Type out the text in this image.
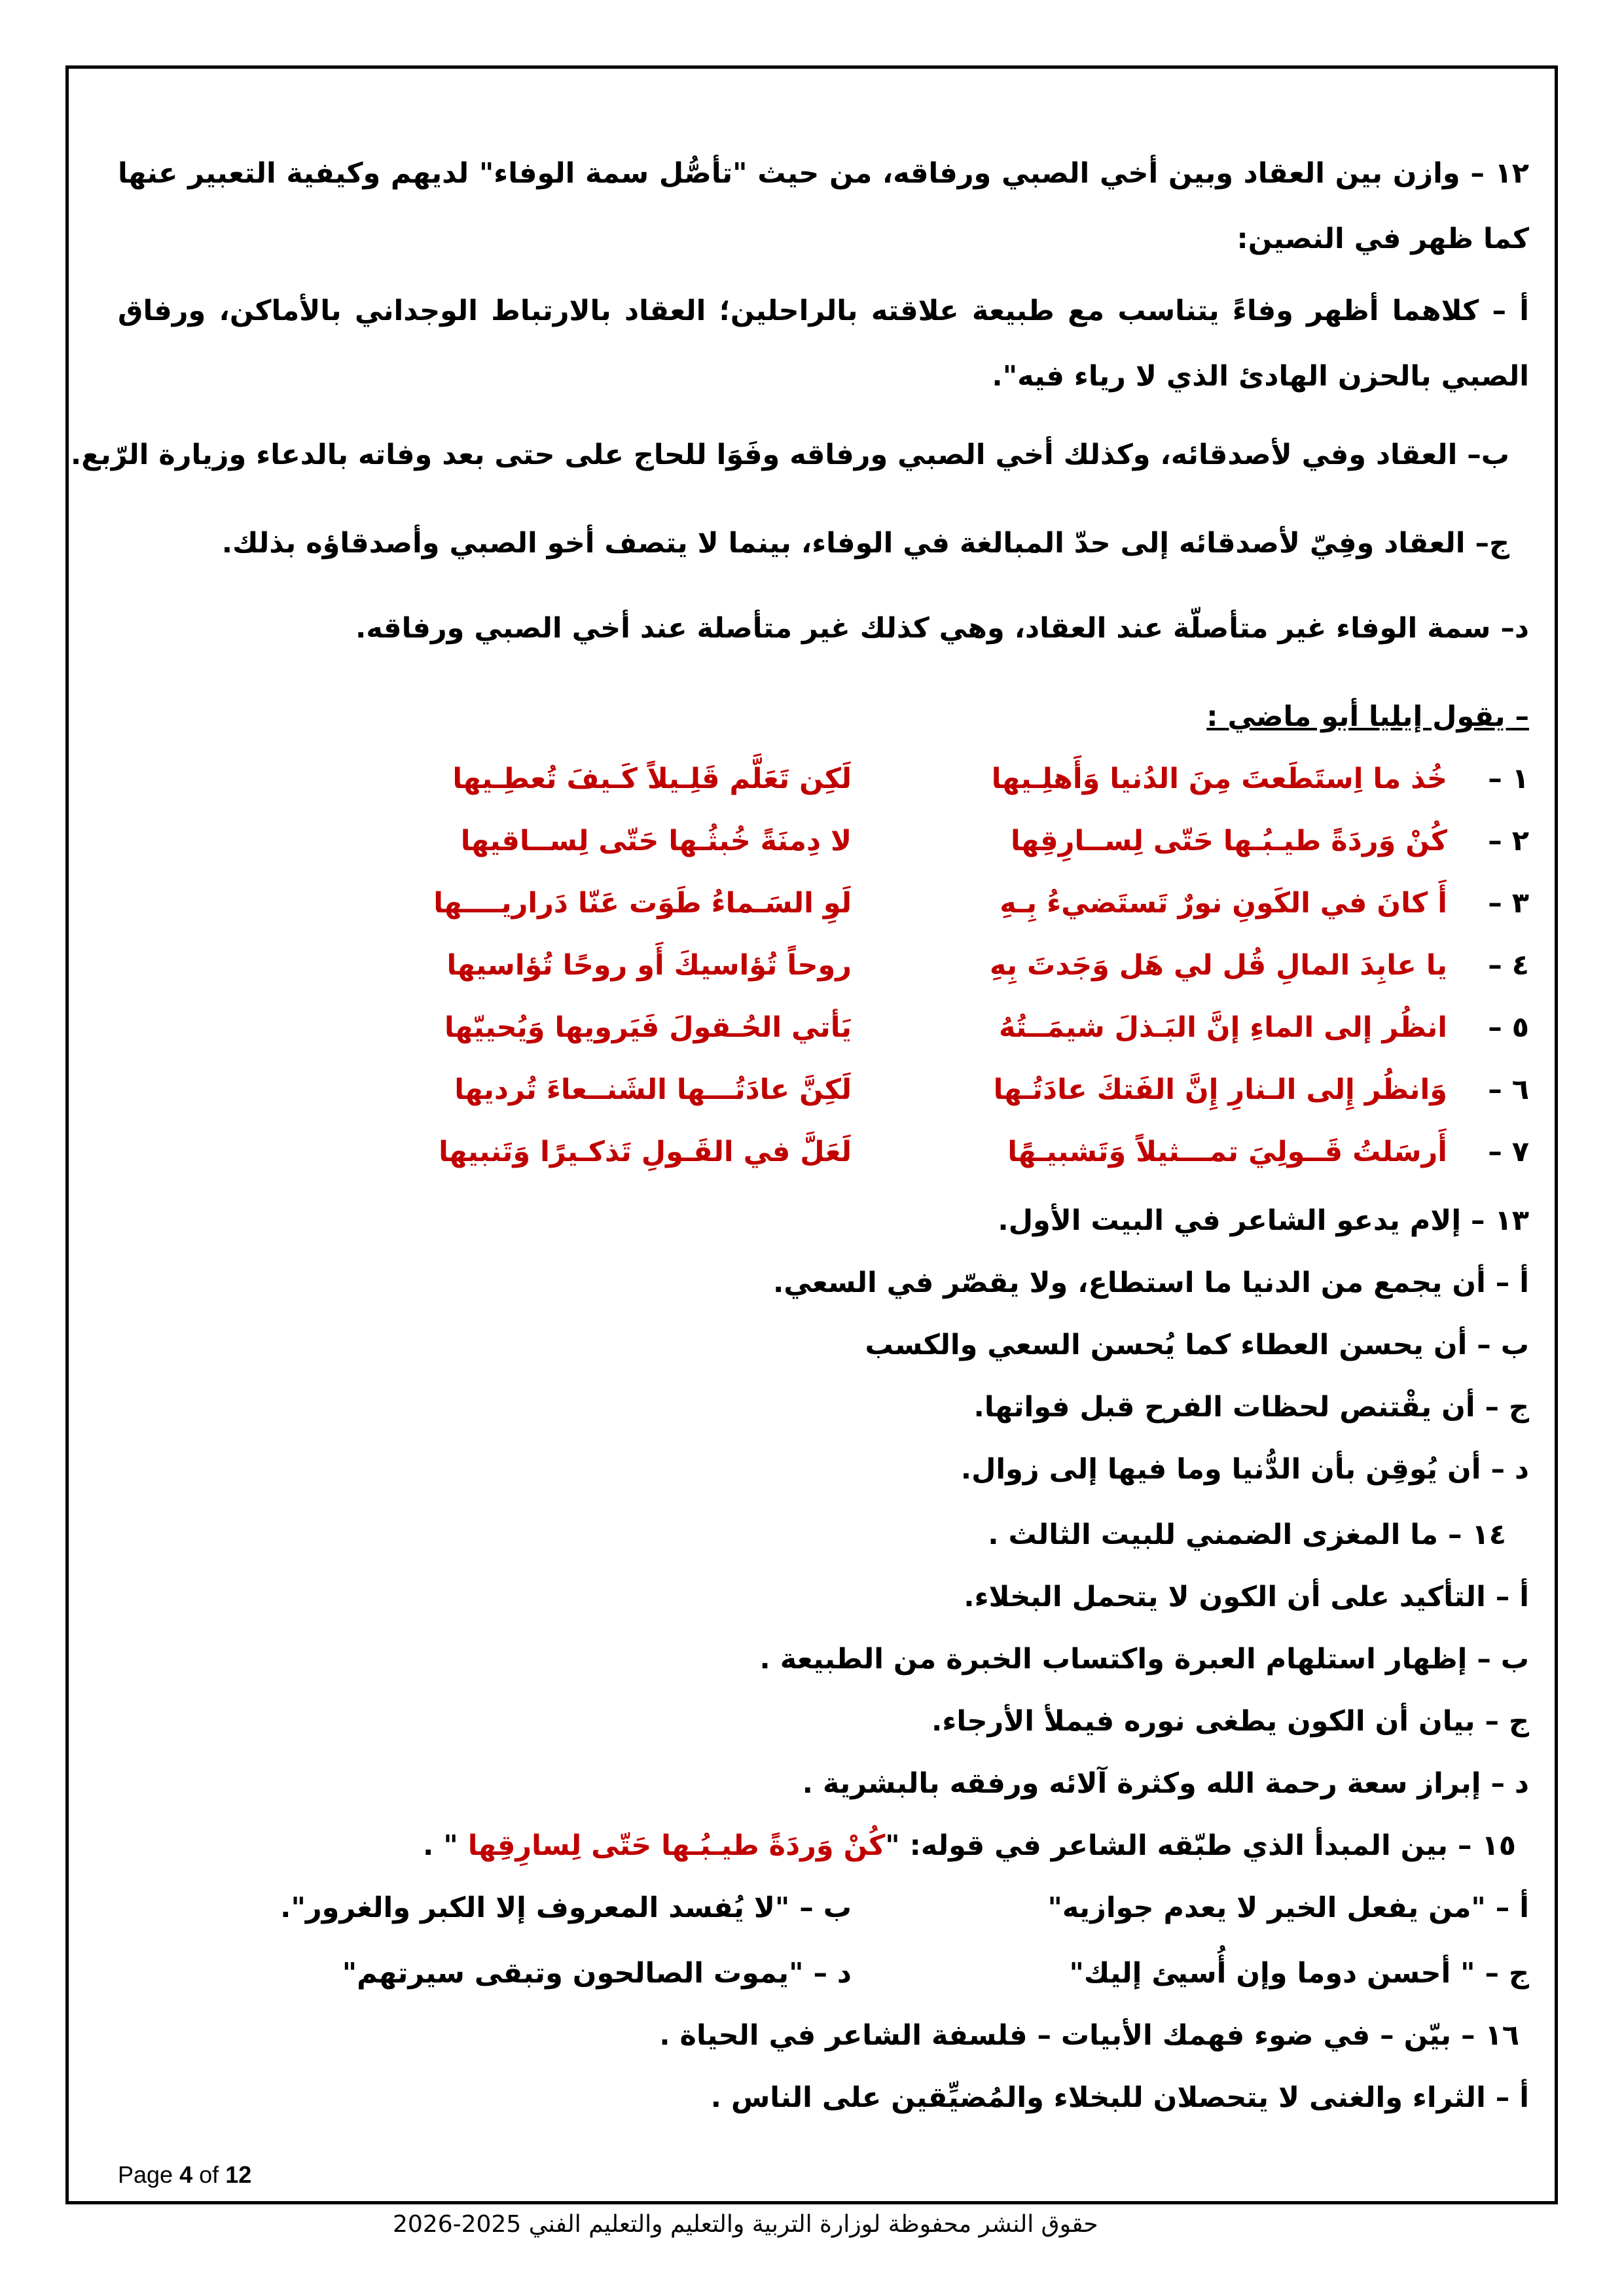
١٢ – وازن بين العقاد وبين أخي الصبي ورفاقه، من حيث "تأصُّل سمة الوفاء" لديهم وكيفية التعبير عنها كما ظهر في النصين:
أ – كلاهما أظهر وفاءً يتناسب مع طبيعة علاقته بالراحلين؛ العقاد بالارتباط الوجداني بالأماكن، ورفاق الصبي بالحزن الهادئ الذي لا رياء فيه".
ب– العقاد وفي لأصدقائه، وكذلك أخي الصبي ورفاقه وفَوَا للحاج على حتى بعد وفاته بالدعاء وزيارة الرّبع.
ج– العقاد وفِيّ لأصدقائه إلى حدّ المبالغة في الوفاء، بينما لا يتصف أخو الصبي وأصدقاؤه بذلك.
د– سمة الوفاء غير متأصلّة عند العقاد، وهي كذلك غير متأصلة عند أخي الصبي ورفاقه.
– يقول إيليا أبو ماضي :
١ –
خُذ ما اِستَطَعتَ مِنَ الدُنيا وَأَهلِـيها
لَكِن تَعَلَّم قَلِـيلاً كَـيفَ تُعطِـيها
٢ –
كُنْ وَردَةً طيـبُـها حَتّى لِســارِقِها
لا دِمنَةً خُبثُـها حَتّى لِســاقيها
٣ –
أَ كانَ في الكَونِ نورٌ تَستَضيءُ بِـهِ
لَوِ السَـماءُ طَوَت عَنّا دَراريــــها
٤ –
يا عابِدَ المالِ قُل لي هَل وَجَدتَ بِهِ
روحاً تُؤاسيكَ أَو روحًا تُؤاسيها
٥ –
انظُر إلى الماءِ إنَّ البَـذلَ شيمَــتُهُ
يَأتي الحُـقولَ فَيَرويها وَيُحييّها
٦ –
وَانظُر إِلى الـنارِ إِنَّ الفَتكَ عادَتُـها
لَكِنَّ عادَتُـــها الشَنــعاءَ تُرديها
٧ –
أَرسَلتُ قَــولِيَ تمـــثيلاً وَتَشبيـهًا
لَعَلَّ في القَـولِ تَذكـيرًا وَتَنبيها
١٣ – إلام يدعو الشاعر في البيت الأول.
أ – أن يجمع من الدنيا ما استطاع، ولا يقصّر في السعي.
ب – أن يحسن العطاء كما يُحسن السعي والكسب
ج – أن يقْتنص لحظات الفرح قبل فواتها.
د – أن يُوقِن بأن الدُّنيا وما فيها إلى زوال.
١٤ – ما المغزى الضمني للبيت الثالث .
أ – التأكيد على أن الكون لا يتحمل البخلاء.
ب – إظهار استلهام العبرة واكتساب الخبرة من الطبيعة .
ج – بيان أن الكون يطغى نوره فيملأ الأرجاء.
د – إبراز سعة رحمة الله وكثرة آلائه ورفقه بالبشرية .
١٥ – بين المبدأ الذي طبّقه الشاعر في قوله: "كُنْ وَردَةً طيـبُـها حَتّى لِسارِقِها " .
أ – "من يفعل الخير لا يعدم جوازيه"
ب – "لا يُفسد المعروف إلا الكبر والغرور".
ج – " أحسن دوما وإن أُسيئ إليك"
د – "يموت الصالحون وتبقى سيرتهم"
١٦ – بيّن – في ضوء فهمك الأبيات – فلسفة الشاعر في الحياة .
أ – الثراء والغنى لا يتحصلان للبخلاء والمُضيِّقين على الناس .
Page 4 of 12
حقوق النشر محفوظة لوزارة التربية والتعليم والتعليم الفني 2025-2026
